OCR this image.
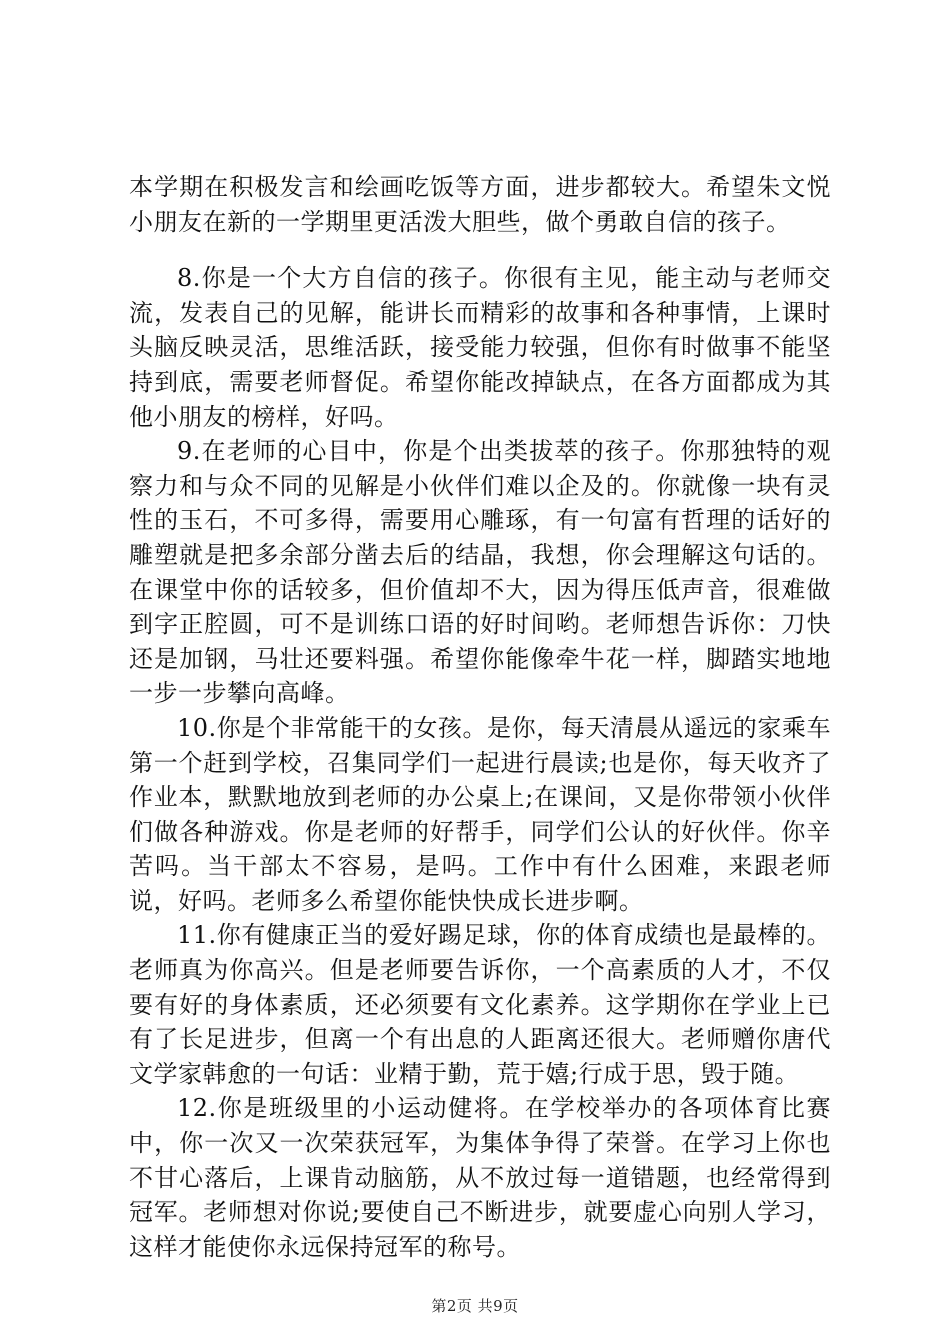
本学期在积极发言和绘画吃饭等方面，进步都较大。希望朱文悦小朋友在新的一学期里更活泼大胆些，做个勇敢自信的孩子。

8.你是一个大方自信的孩子。你很有主见，能主动与老师交流，发表自己的见解，能讲长而精彩的故事和各种事情，上课时头脑反映灵活，思维活跃，接受能力较强，但你有时做事不能坚持到底，需要老师督促。希望你能改掉缺点，在各方面都成为其他小朋友的榜样，好吗。

9.在老师的心目中，你是个出类拔萃的孩子。你那独特的观察力和与众不同的见解是小伙伴们难以企及的。你就像一块有灵性的玉石，不可多得，需要用心雕琢，有一句富有哲理的话好的雕塑就是把多余部分凿去后的结晶，我想，你会理解这句话的。在课堂中你的话较多，但价值却不大，因为得压低声音，很难做到字正腔圆，可不是训练口语的好时间哟。老师想告诉你：刀快还是加钢，马壮还要料强。希望你能像牵牛花一样，脚踏实地地一步一步攀向高峰。

10.你是个非常能干的女孩。是你，每天清晨从遥远的家乘车第一个赶到学校，召集同学们一起进行晨读;也是你，每天收齐了作业本，默默地放到老师的办公桌上;在课间，又是你带领小伙伴们做各种游戏。你是老师的好帮手，同学们公认的好伙伴。你辛苦吗。当干部太不容易，是吗。工作中有什么困难，来跟老师说，好吗。老师多么希望你能快快成长进步啊。

11.你有健康正当的爱好踢足球，你的体育成绩也是最棒的。老师真为你高兴。但是老师要告诉你，一个高素质的人才，不仅要有好的身体素质，还必须要有文化素养。这学期你在学业上已有了长足进步，但离一个有出息的人距离还很大。老师赠你唐代文学家韩愈的一句话：业精于勤，荒于嬉;行成于思，毁于随。

12.你是班级里的小运动健将。在学校举办的各项体育比赛中，你一次又一次荣获冠军，为集体争得了荣誉。在学习上你也不甘心落后，上课肯动脑筋，从不放过每一道错题，也经常得到冠军。老师想对你说;要使自己不断进步，就要虚心向别人学习，这样才能使你永远保持冠军的称号。

第2页 共9页
